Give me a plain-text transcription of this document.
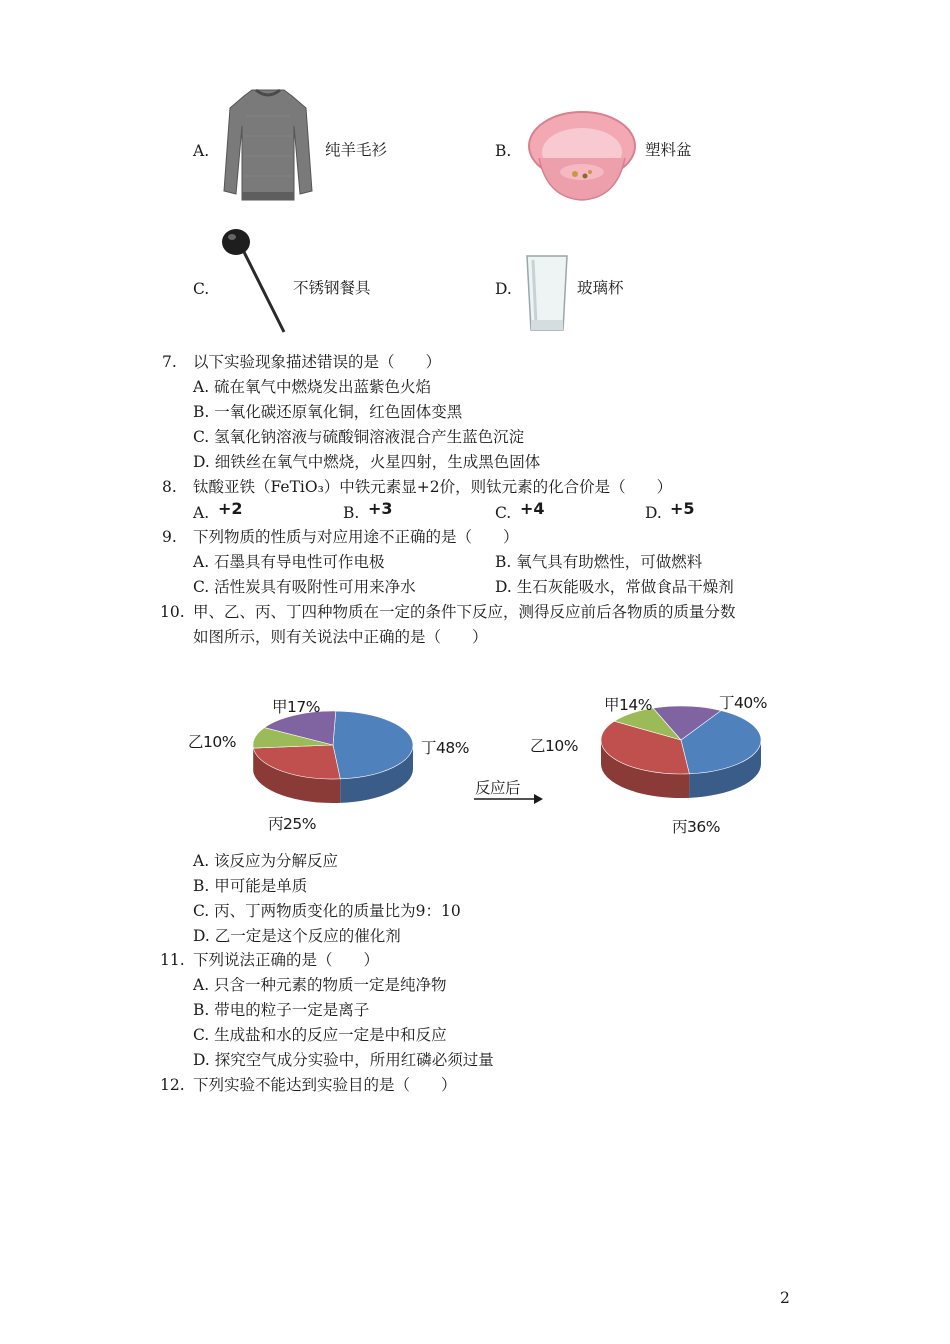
A.	纯羊毛衫	B.	塑料盆
C.	不锈钢餐具	D.	玻璃杯
7. 以下实验现象描述错误的是（　　）
A. 硫在氧气中燃烧发出蓝紫色火焰
B. 一氧化碳还原氧化铜，红色固体变黑
C. 氢氧化钠溶液与硫酸铜溶液混合产生蓝色沉淀
D. 细铁丝在氧气中燃烧，火星四射，生成黑色固体
8. 钛酸亚铁（FeTiO₃）中铁元素显+2价，则钛元素的化合价是（　　）
A. +2	B. +3	C. +4	D. +5
9. 下列物质的性质与对应用途不正确的是（　　）
A. 石墨具有导电性可作电极	B. 氧气具有助燃性，可做燃料
C. 活性炭具有吸附性可用来净水	D. 生石灰能吸水，常做食品干燥剂
10. 甲、乙、丙、丁四种物质在一定的条件下反应，测得反应前后各物质的质量分数
如图所示，则有关说法中正确的是（　　）
甲17%
乙10%
丙25%
丁48%
反应后
甲14%
乙10%
丙36%
丁40%
A. 该反应为分解反应
B. 甲可能是单质
C. 丙、丁两物质变化的质量比为9：10
D. 乙一定是这个反应的催化剂
11. 下列说法正确的是（　　）
A. 只含一种元素的物质一定是纯净物
B. 带电的粒子一定是离子
C. 生成盐和水的反应一定是中和反应
D. 探究空气成分实验中，所用红磷必须过量
12. 下列实验不能达到实验目的是（　　）
2
